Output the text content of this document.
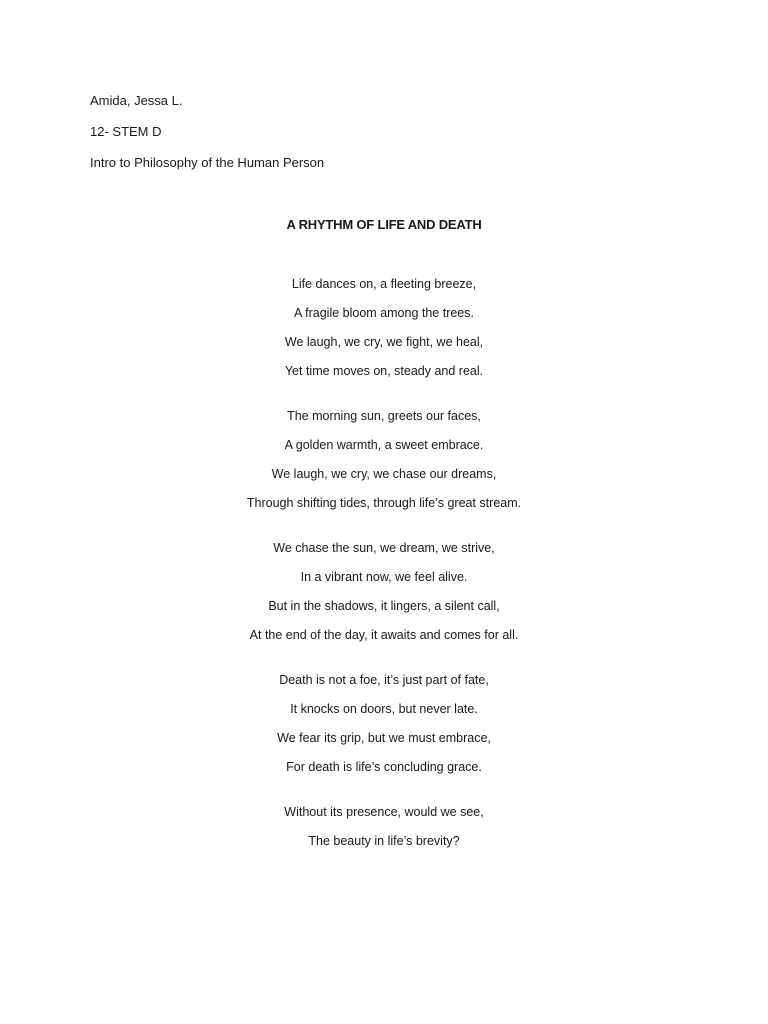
Amida, Jessa L.
12- STEM D
Intro to Philosophy of the Human Person
A RHYTHM OF LIFE AND DEATH
Life dances on, a fleeting breeze,
A fragile bloom among the trees.
We laugh, we cry, we fight, we heal,
Yet time moves on, steady and real.
The morning sun, greets our faces,
A golden warmth, a sweet embrace.
We laugh, we cry, we chase our dreams,
Through shifting tides, through life’s great stream.
We chase the sun, we dream, we strive,
In a vibrant now, we feel alive.
But in the shadows, it lingers, a silent call,
At the end of the day, it awaits and comes for all.
Death is not a foe, it’s just part of fate,
It knocks on doors, but never late.
We fear its grip, but we must embrace,
For death is life’s concluding grace.
Without its presence, would we see,
The beauty in life’s brevity?
